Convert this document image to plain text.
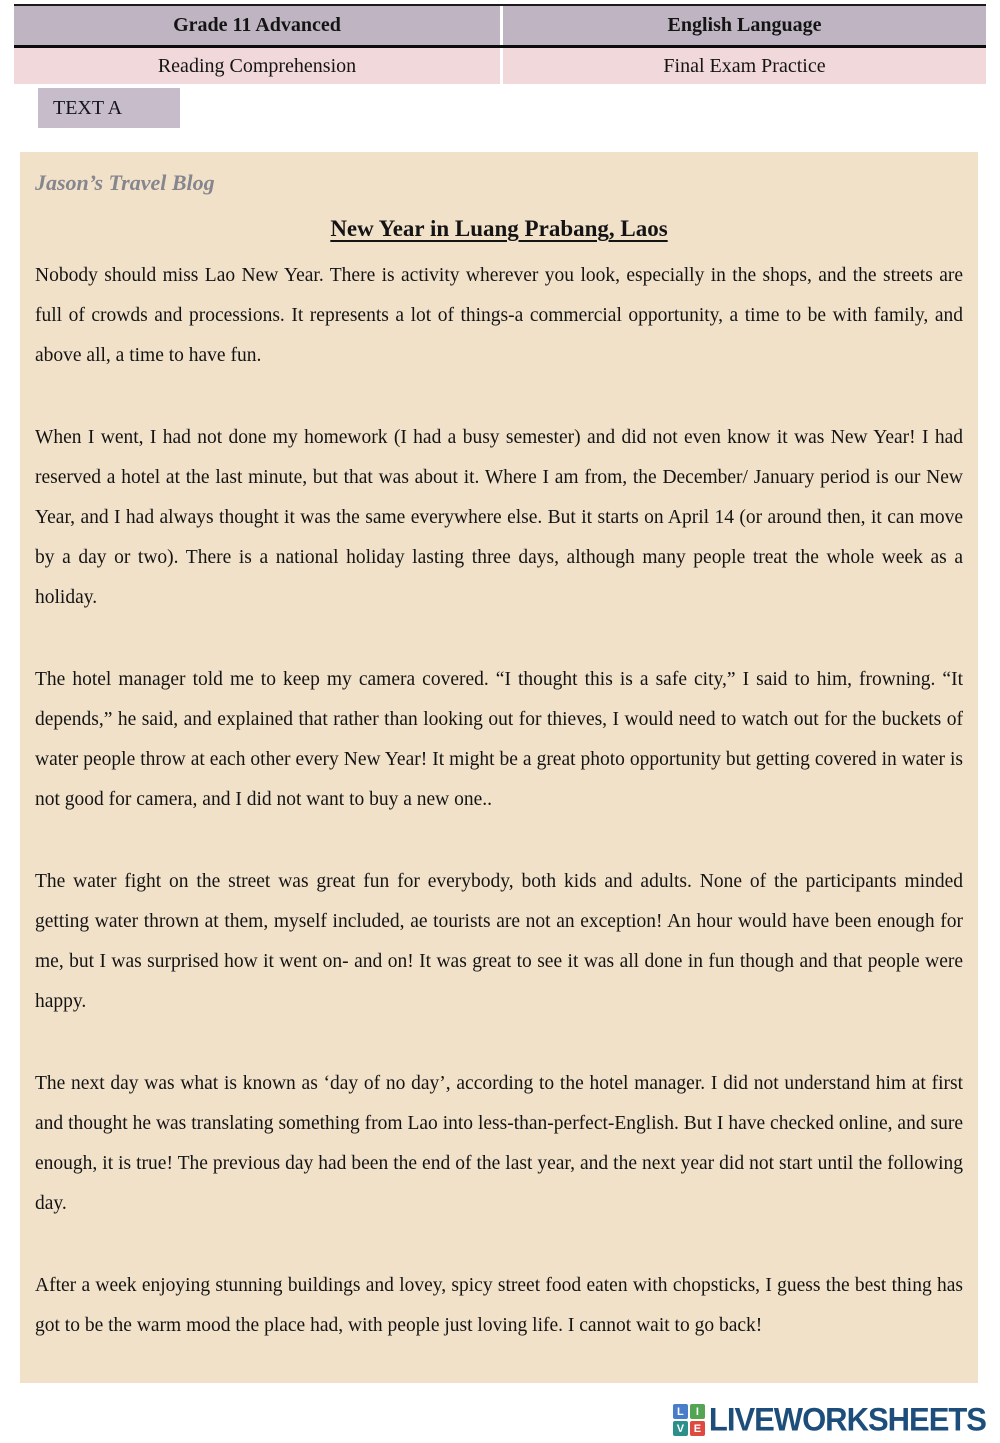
Grade 11 Advanced	English Language
Reading Comprehension	Final Exam Practice
TEXT A
Jason’s Travel Blog
New Year in Luang Prabang, Laos

Nobody should miss Lao New Year. There is activity wherever you look, especially in the shops, and the streets are full of crowds and processions. It represents a lot of things-a commercial opportunity, a time to be with family, and above all, a time to have fun.

When I went, I had not done my homework (I had a busy semester) and did not even know it was New Year! I had reserved a hotel at the last minute, but that was about it. Where I am from, the December/ January period is our New Year, and I had always thought it was the same everywhere else. But it starts on April 14 (or around then, it can move by a day or two). There is a national holiday lasting three days, although many people treat the whole week as a holiday.

The hotel manager told me to keep my camera covered. “I thought this is a safe city,” I said to him, frowning. “It depends,” he said, and explained that rather than looking out for thieves, I would need to watch out for the buckets of water people throw at each other every New Year! It might be a great photo opportunity but getting covered in water is not good for camera, and I did not want to buy a new one..

The water fight on the street was great fun for everybody, both kids and adults. None of the participants minded getting water thrown at them, myself included, ae tourists are not an exception! An hour would have been enough for me, but I was surprised how it went on- and on! It was great to see it was all done in fun though and that people were happy.

The next day was what is known as ‘day of no day’, according to the hotel manager. I did not understand him at first and thought he was translating something from Lao into less-than-perfect-English. But I have checked online, and sure enough, it is true! The previous day had been the end of the last year, and the next year did not start until the following day.

After a week enjoying stunning buildings and lovey, spicy street food eaten with chopsticks, I guess the best thing has got to be the warm mood the place had, with people just loving life. I cannot wait to go back!

L	I
V E LIVEWORKSHEETS
